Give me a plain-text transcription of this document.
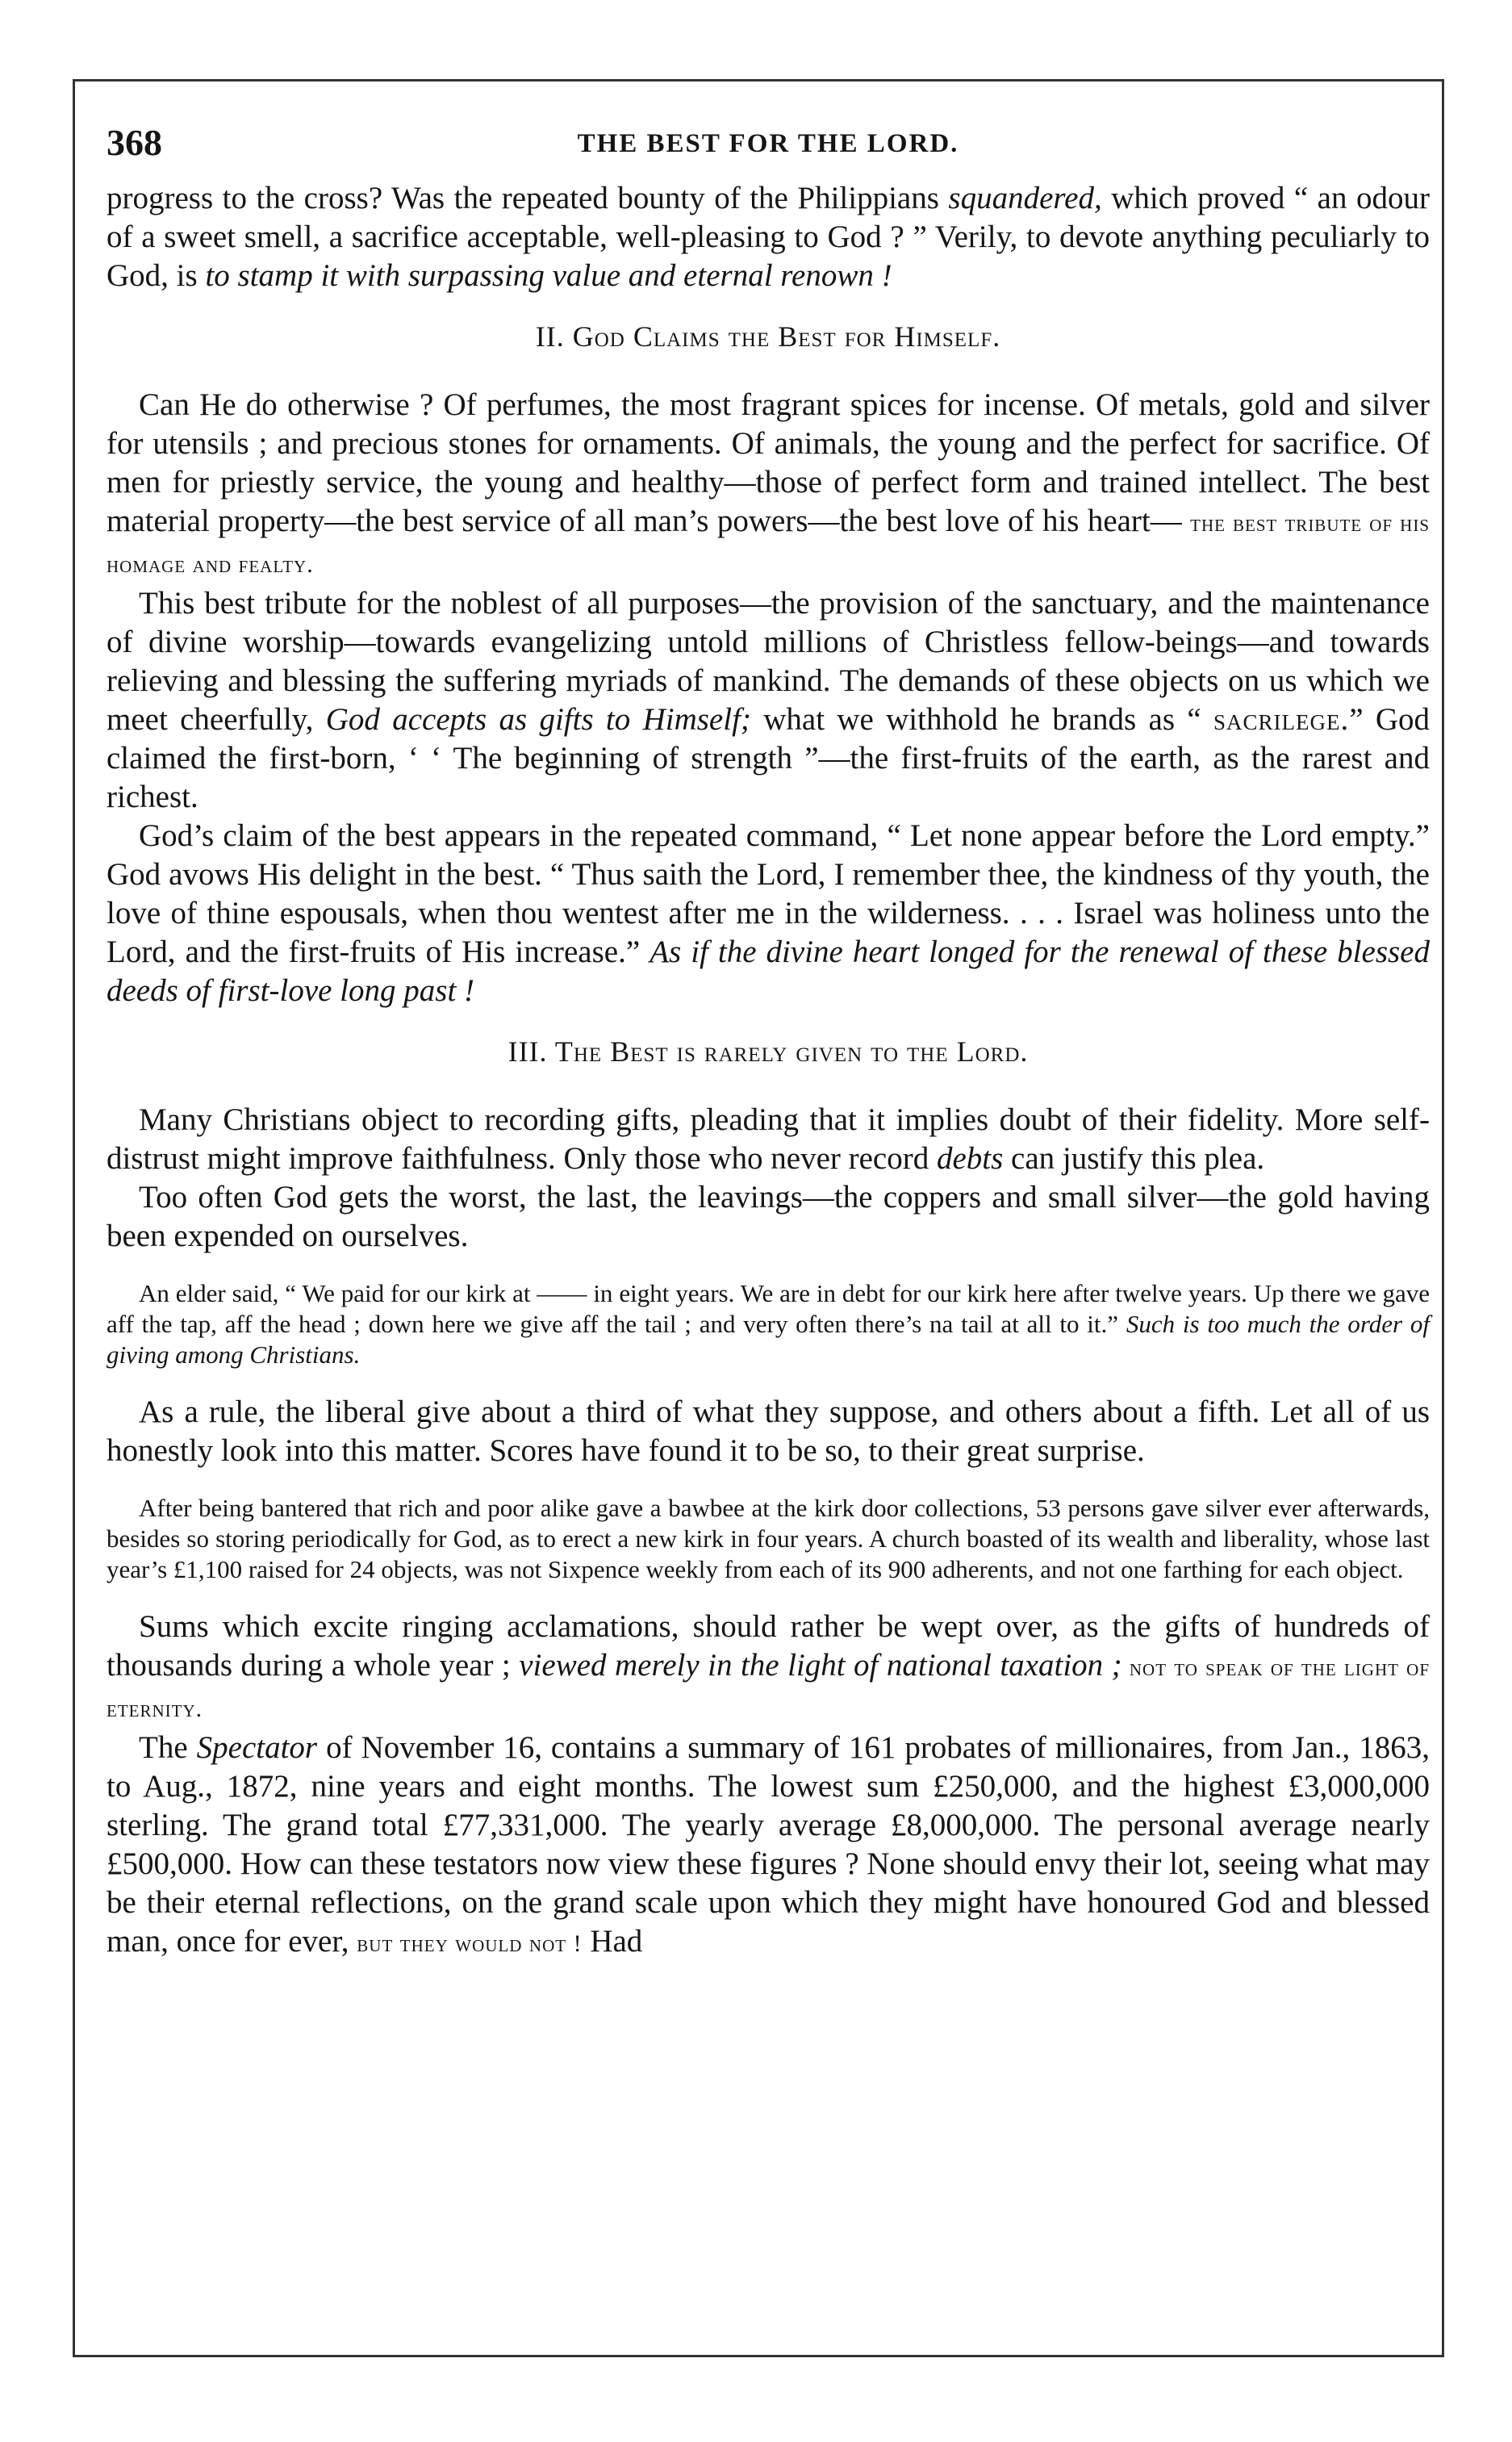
368	THE BEST FOR THE LORD.

progress to the cross? Was the repeated bounty of the Philippians squandered, which proved “ an odour of a sweet smell, a sacrifice acceptable, well-pleasing to God ? ” Verily, to devote anything peculiarly to God, is to stamp it with surpassing value and eternal renown !

II. God Claims the Best for Himself.

Can He do otherwise ? Of perfumes, the most fragrant spices for incense. Of metals, gold and silver for utensils ; and precious stones for ornaments. Of animals, the young and the perfect for sacrifice. Of men for priestly service, the young and healthy—those of perfect form and trained intellect. The best material property—the best service of all man’s powers—the best love of his heart— the best tribute of his homage and fealty.

This best tribute for the noblest of all purposes—the provision of the sanctuary, and the maintenance of divine worship—towards evangelizing untold millions of Christless fellow-beings—and towards relieving and blessing the suffering myriads of mankind. The demands of these objects on us which we meet cheerfully, God accepts as gifts to Himself; what we withhold he brands as “ sacrilege.” God claimed the first-born, ‘ ‘ The beginning of strength ”—the first-fruits of the earth, as the rarest and richest.

God’s claim of the best appears in the repeated command, “ Let none appear before the Lord empty.” God avows His delight in the best. “ Thus saith the Lord, I remember thee, the kindness of thy youth, the love of thine espousals, when thou wentest after me in the wilderness. . . . Israel was holiness unto the Lord, and the first-fruits of His increase.” As if the divine heart longed for the renewal of these blessed deeds of first-love long past !

III. The Best is rarely given to the Lord.

Many Christians object to recording gifts, pleading that it implies doubt of their fidelity. More self-distrust might improve faithfulness. Only those who never record debts can justify this plea.

Too often God gets the worst, the last, the leavings—the coppers and small silver—the gold having been expended on ourselves.

An elder said, “ We paid for our kirk at —— in eight years. We are in debt for our kirk here after twelve years. Up there we gave aff the tap, aff the head ; down here we give aff the tail ; and very often there’s na tail at all to it.” Such is too much the order of giving among Christians.

As a rule, the liberal give about a third of what they suppose, and others about a fifth. Let all of us honestly look into this matter. Scores have found it to be so, to their great surprise.

After being bantered that rich and poor alike gave a bawbee at the kirk door collections, 53 persons gave silver ever afterwards, besides so storing periodically for God, as to erect a new kirk in four years. A church boasted of its wealth and liberality, whose last year’s £1,100 raised for 24 objects, was not Sixpence weekly from each of its 900 adherents, and not one farthing for each object.

Sums which excite ringing acclamations, should rather be wept over, as the gifts of hundreds of thousands during a whole year ; viewed merely in the light of national taxation ; not to speak of the light of eternity.

The Spectator of November 16, contains a summary of 161 probates of millionaires, from Jan., 1863, to Aug., 1872, nine years and eight months. The lowest sum £250,000, and the highest £3,000,000 sterling. The grand total £77,331,000. The yearly average £8,000,000. The personal average nearly £500,000. How can these testators now view these figures ? None should envy their lot, seeing what may be their eternal reflections, on the grand scale upon which they might have honoured God and blessed man, once for ever, but they would not ! Had
